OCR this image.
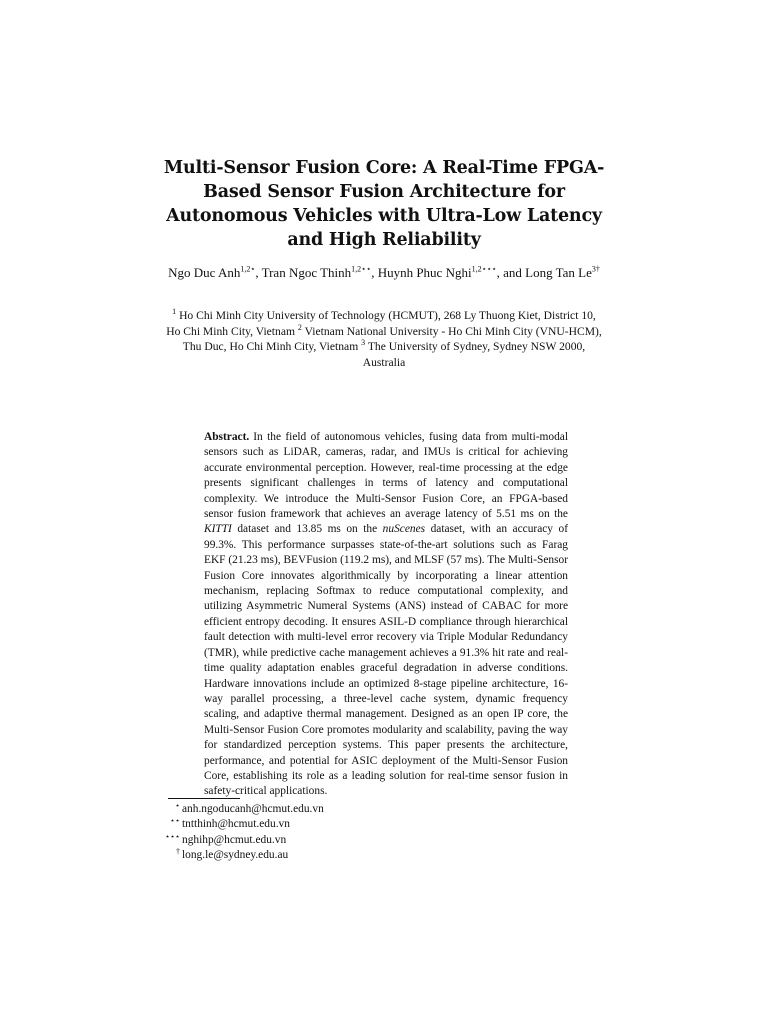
Multi-Sensor Fusion Core: A Real-Time FPGA-Based Sensor Fusion Architecture for Autonomous Vehicles with Ultra-Low Latency and High Reliability
Ngo Duc Anh$^{1,2⋆}$, Tran Ngoc Thinh$^{1,2⋆⋆}$, Huynh Phuc Nghi$^{1,2⋆⋆⋆}$, and Long Tan $Le^{3\dagger}$
$^1$ Ho Chi Minh City University of Technology (HCMUT), 268 Ly Thuong Kiet, District 10, Ho Chi Minh City, Vietnam $^2$ Vietnam National University - Ho Chi Minh City (VNU-HCM), Thu Duc, Ho Chi Minh City, Vietnam $^3$ The University of Sydney, Sydney NSW 2000, Australia
Abstract. In the field of autonomous vehicles, fusing data from multi-modal sensors such as LiDAR, cameras, radar, and IMUs is critical for achieving accurate environmental perception. However, real-time processing at the edge presents significant challenges in terms of latency and computational complexity. We introduce the Multi-Sensor Fusion Core, an FPGA-based sensor fusion framework that achieves an average latency of 5.51 ms on the KITTI dataset and 13.85 ms on the nuScenes dataset, with an accuracy of 99.3%. This performance surpasses state-of-the-art solutions such as Farag EKF (21.23 ms), BEVFusion (119.2 ms), and MLSF (57 ms). The Multi-Sensor Fusion Core innovates algorithmically by incorporating a linear attention mechanism, replacing Softmax to reduce computational complexity, and utilizing Asymmetric Numeral Systems (ANS) instead of CABAC for more efficient entropy decoding. It ensures ASIL-D compliance through hierarchical fault detection with multi-level error recovery via Triple Modular Redundancy (TMR), while predictive cache management achieves a 91.3% hit rate and real-time quality adaptation enables graceful degradation in adverse conditions. Hardware innovations include an optimized 8-stage pipeline architecture, 16-way parallel processing, a three-level cache system, dynamic frequency scaling, and adaptive thermal management. Designed as an open IP core, the Multi-Sensor Fusion Core promotes modularity and scalability, paving the way for standardized perception systems. This paper presents the architecture, performance, and potential for ASIC deployment of the Multi-Sensor Fusion Core, establishing its role as a leading solution for real-time sensor fusion in safety-critical applications.
⋆ anh.ngoducanh@hcmut.edu.vn
⋆⋆ tntthinh@hcmut.edu.vn
⋆⋆⋆ nghihp@hcmut.edu.vn
† long.le@sydney.edu.au
